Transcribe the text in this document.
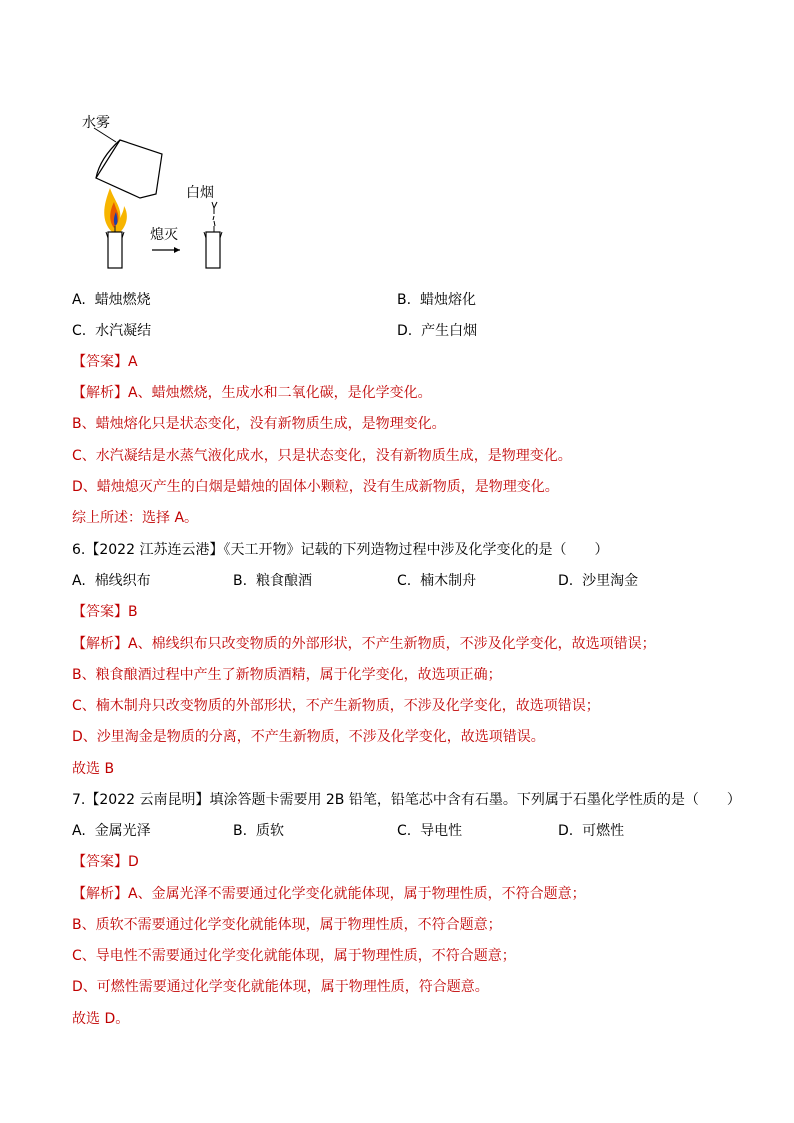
水雾
白烟
熄灭
A. 蜡烛燃烧	B. 蜡烛熔化
C. 水汽凝结	D. 产生白烟
【答案】A
【解析】A、蜡烛燃烧，生成水和二氧化碳，是化学变化。
B、蜡烛熔化只是状态变化，没有新物质生成，是物理变化。
C、水汽凝结是水蒸气液化成水，只是状态变化，没有新物质生成，是物理变化。
D、蜡烛熄灭产生的白烟是蜡烛的固体小颗粒，没有生成新物质，是物理变化。
综上所述：选择 A。
6.【2022 江苏连云港】《天工开物》记载的下列造物过程中涉及化学变化的是（　　）
A. 棉线织布	B. 粮食酿酒	C. 楠木制舟	D. 沙里淘金
【答案】B
【解析】A、棉线织布只改变物质的外部形状，不产生新物质，不涉及化学变化，故选项错误；
B、粮食酿酒过程中产生了新物质酒精，属于化学变化，故选项正确；
C、楠木制舟只改变物质的外部形状，不产生新物质，不涉及化学变化，故选项错误；
D、沙里淘金是物质的分离，不产生新物质，不涉及化学变化，故选项错误。
故选 B
7.【2022 云南昆明】填涂答题卡需要用 2B 铅笔，铅笔芯中含有石墨。下列属于石墨化学性质的是（　　）
A. 金属光泽	B. 质软	C. 导电性	D. 可燃性
【答案】D
【解析】A、金属光泽不需要通过化学变化就能体现，属于物理性质，不符合题意；
B、质软不需要通过化学变化就能体现，属于物理性质，不符合题意；
C、导电性不需要通过化学变化就能体现，属于物理性质，不符合题意；
D、可燃性需要通过化学变化就能体现，属于物理性质，符合题意。
故选 D。
